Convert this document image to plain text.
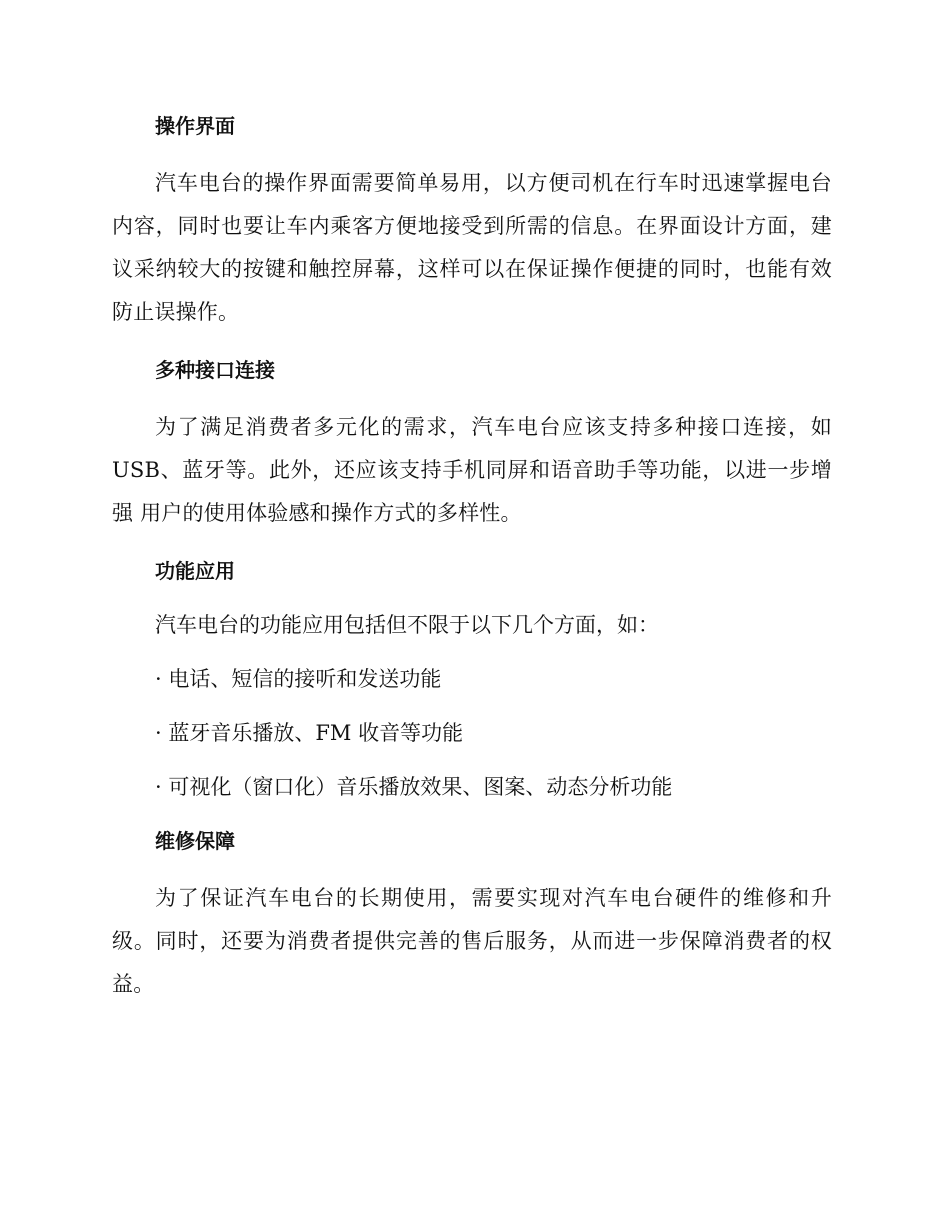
操作界面

汽车电台的操作界面需要简单易用，以方便司机在行车时迅速掌握电台内容，同时也要让车内乘客方便地接受到所需的信息。在界面设计方面，建议采纳较大的按键和触控屏幕，这样可以在保证操作便捷的同时，也能有效防止误操作。

多种接口连接

为了满足消费者多元化的需求，汽车电台应该支持多种接口连接，如USB、蓝牙等。此外，还应该支持手机同屏和语音助手等功能，以进一步增强 用户的使用体验感和操作方式的多样性。

功能应用
汽车电台的功能应用包括但不限于以下几个方面，如：
· 电话、短信的接听和发送功能
· 蓝牙音乐播放、FM 收音等功能
· 可视化（窗口化）音乐播放效果、图案、动态分析功能
维修保障

为了保证汽车电台的长期使用，需要实现对汽车电台硬件的维修和升级。同时，还要为消费者提供完善的售后服务，从而进一步保障消费者的权益。
